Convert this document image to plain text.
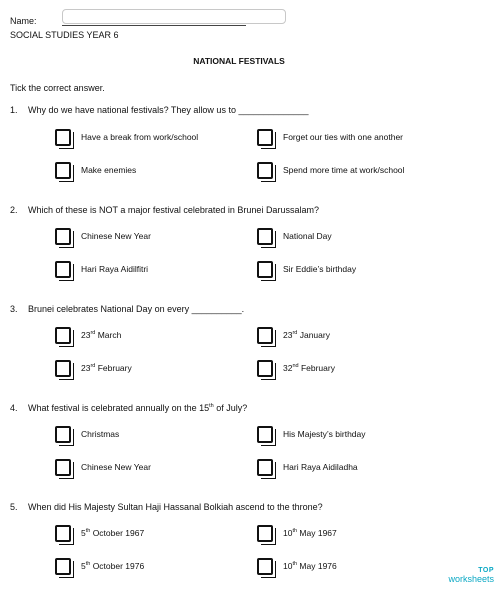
Name:
SOCIAL STUDIES YEAR 6
NATIONAL FESTIVALS
Tick the correct answer.
1. Why do we have national festivals? They allow us to ______________
Have a break from work/school	Forget our ties with one another
Make enemies	Spend more time at work/school
2. Which of these is NOT a major festival celebrated in Brunei Darussalam?
Chinese New Year	National Day
Hari Raya Aidilfitri	Sir Eddie’s birthday
3. Brunei celebrates National Day on every __________.
23rd March	23rd January
23rd February	32nd February
4. What festival is celebrated annually on the 15th of July?
Christmas	His Majesty’s birthday
Chinese New Year	Hari Raya Aidiladha
5. When did His Majesty Sultan Haji Hassanal Bolkiah ascend to the throne?
5th October 1967	10th May 1967
5th October 1976	10th May 1976	TOP
worksheets
